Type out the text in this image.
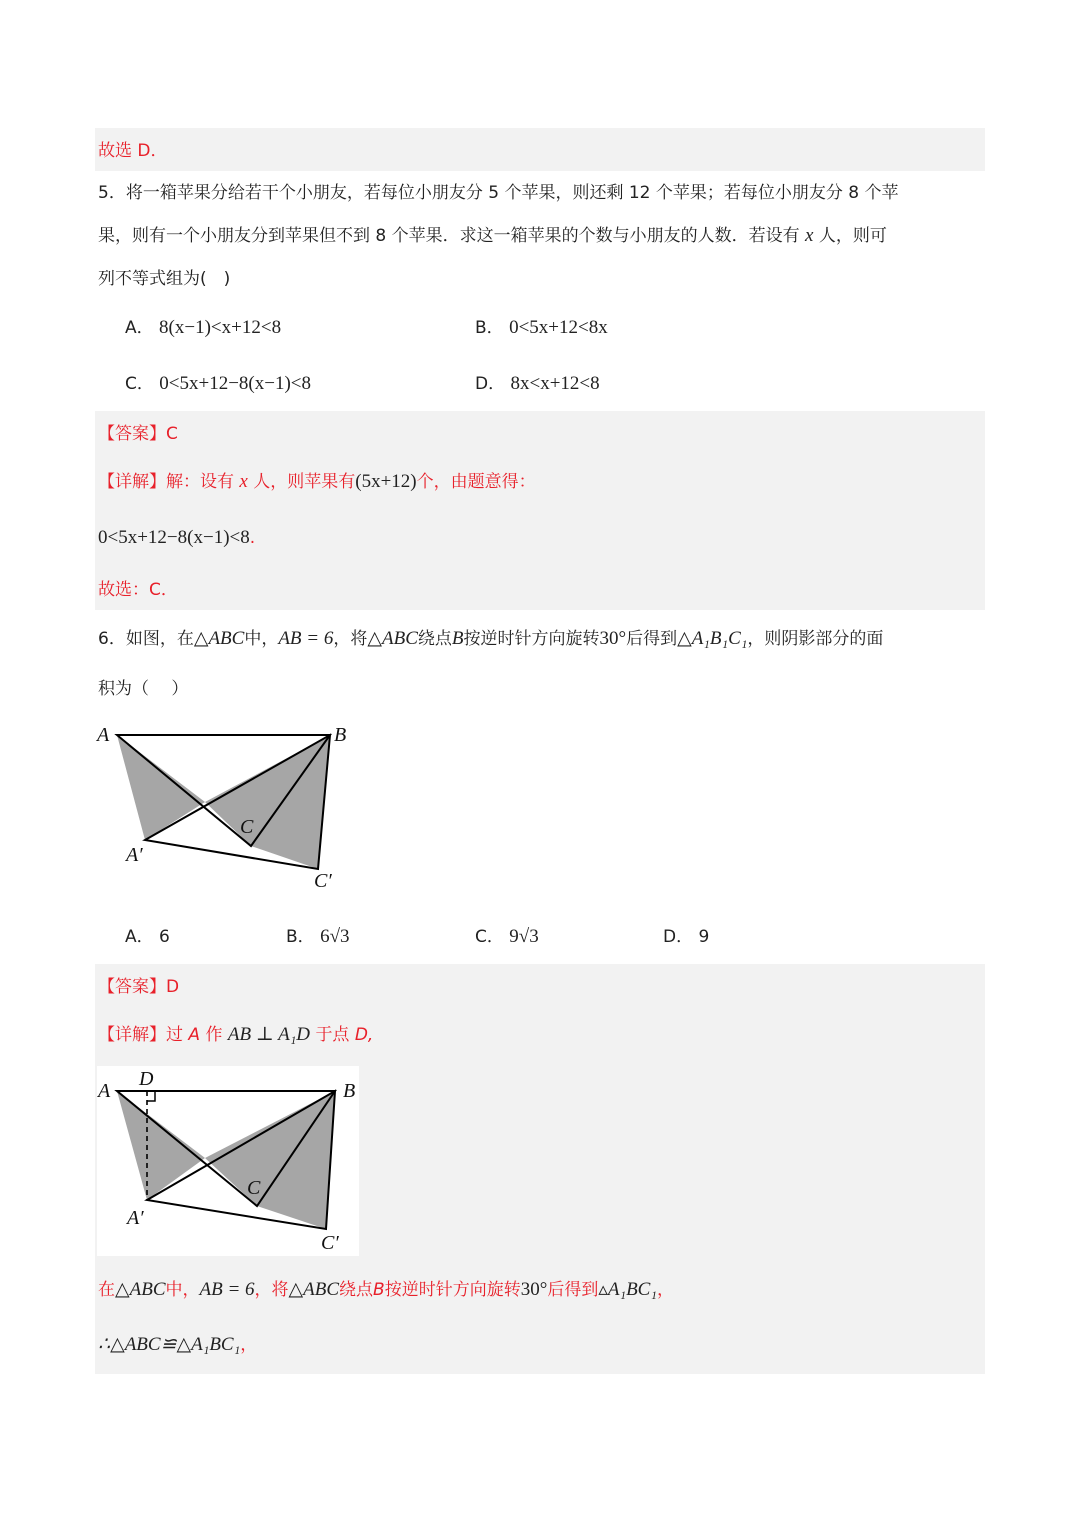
故选 D．
5．将一箱苹果分给若干个小朋友，若每位小朋友分 5 个苹果，则还剩 12 个苹果；若每位小朋友分 8 个苹
果，则有一个小朋友分到苹果但不到 8 个苹果．求这一箱苹果的个数与小朋友的人数．若设有 x 人，则可
列不等式组为(　)
A． 8(x−1)<x+12<8	B． 0<5x+12<8x
C． 0<5x+12−8(x−1)<8	D． 8x<x+12<8
【答案】C
【详解】解：设有 x 人，则苹果有(5x+12)个，由题意得：
0<5x+12−8(x−1)<8.
故选：C．
6．如图，在△ABC中，AB = 6，将△ABC绕点B按逆时针方向旋转30°后得到△A₁B₁C₁，则阴影部分的面
积为（　 ）
A	B
C
A′
C′
A． 6	B． 6√3	C． 9√3	D． 9
【答案】D
【详解】过 A 作 AB ⊥ A₁D 于点 D,
A
D
B
C
A′
C′
在△ABC中，AB = 6，将△ABC绕点B按逆时针方向旋转30°后得到▵A₁BC₁，
∴△ABC≌△A₁BC₁，
